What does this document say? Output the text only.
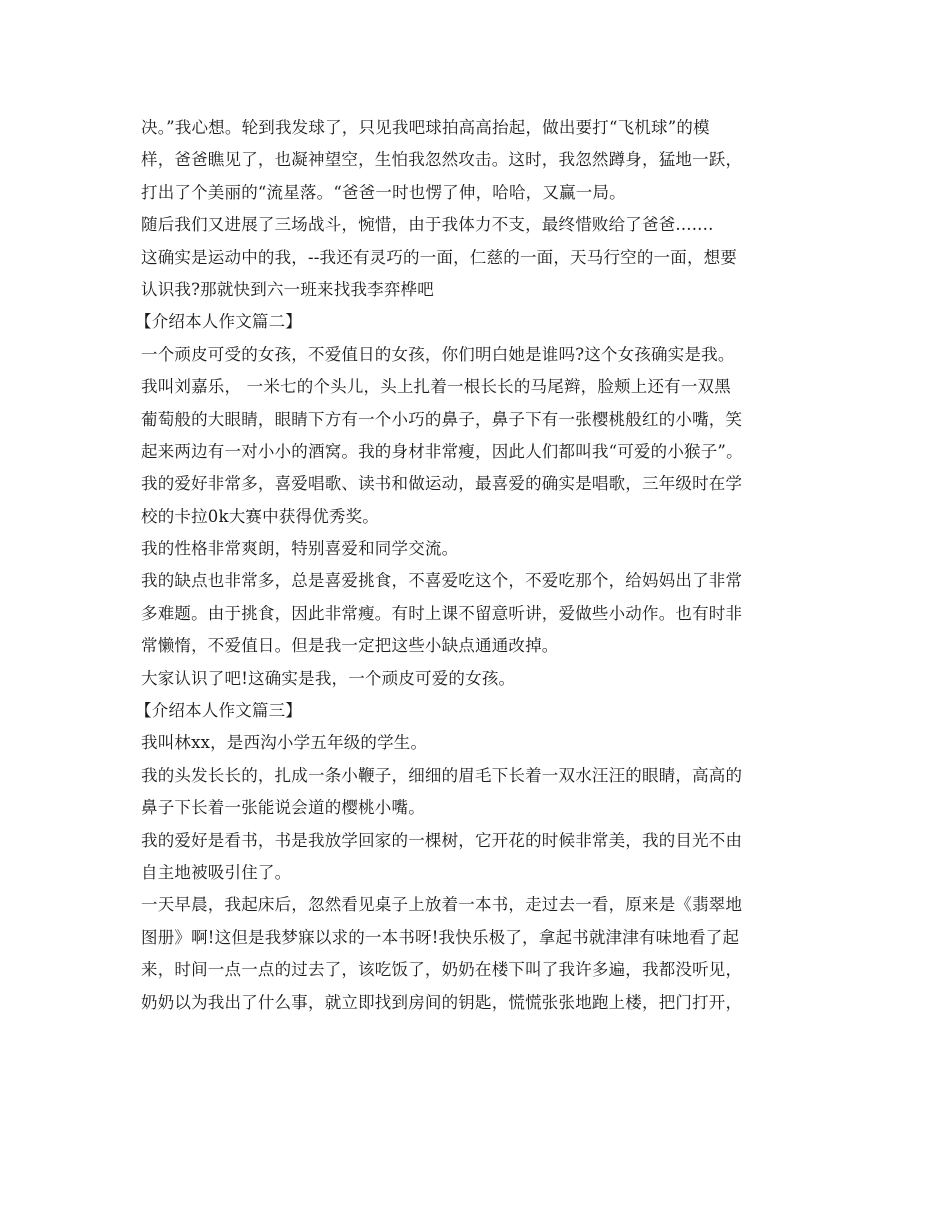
决。”我心想。轮到我发球了，只见我吧球拍高高抬起，做出要打“飞机球”的模
样，爸爸瞧见了，也凝神望空，生怕我忽然攻击。这时，我忽然蹲身，猛地一跃，
打出了个美丽的“流星落。“爸爸一时也愣了伸，哈哈，又赢一局。
随后我们又进展了三场战斗，惋惜，由于我体力不支，最终惜败给了爸爸.......
这确实是运动中的我，--我还有灵巧的一面，仁慈的一面，天马行空的一面，想要
认识我?那就快到六一班来找我李弈桦吧
【介绍本人作文篇二】
一个顽皮可受的女孩，不爱值日的女孩，你们明白她是谁吗?这个女孩确实是我。
我叫刘嘉乐， 一米七的个头儿，头上扎着一根长长的马尾辫，脸颊上还有一双黑
葡萄般的大眼睛，眼睛下方有一个小巧的鼻子，鼻子下有一张樱桃般红的小嘴，笑
起来两边有一对小小的酒窝。我的身材非常瘦，因此人们都叫我“可爱的小猴子”。
我的爱好非常多，喜爱唱歌、读书和做运动，最喜爱的确实是唱歌，三年级时在学
校的卡拉0k大赛中获得优秀奖。
我的性格非常爽朗，特别喜爱和同学交流。
我的缺点也非常多，总是喜爱挑食，不喜爱吃这个，不爱吃那个，给妈妈出了非常
多难题。由于挑食，因此非常瘦。有时上课不留意听讲，爱做些小动作。也有时非
常懒惰，不爱值日。但是我一定把这些小缺点通通改掉。
大家认识了吧!这确实是我，一个顽皮可爱的女孩。
【介绍本人作文篇三】
我叫林xx，是西沟小学五年级的学生。
我的头发长长的，扎成一条小鞭子，细细的眉毛下长着一双水汪汪的眼睛，高高的
鼻子下长着一张能说会道的樱桃小嘴。
我的爱好是看书，书是我放学回家的一棵树，它开花的时候非常美，我的目光不由
自主地被吸引住了。
一天早晨，我起床后，忽然看见桌子上放着一本书，走过去一看，原来是《翡翠地
图册》啊!这但是我梦寐以求的一本书呀!我快乐极了，拿起书就津津有味地看了起
来，时间一点一点的过去了，该吃饭了，奶奶在楼下叫了我许多遍，我都没听见，
奶奶以为我出了什么事，就立即找到房间的钥匙，慌慌张张地跑上楼，把门打开，
